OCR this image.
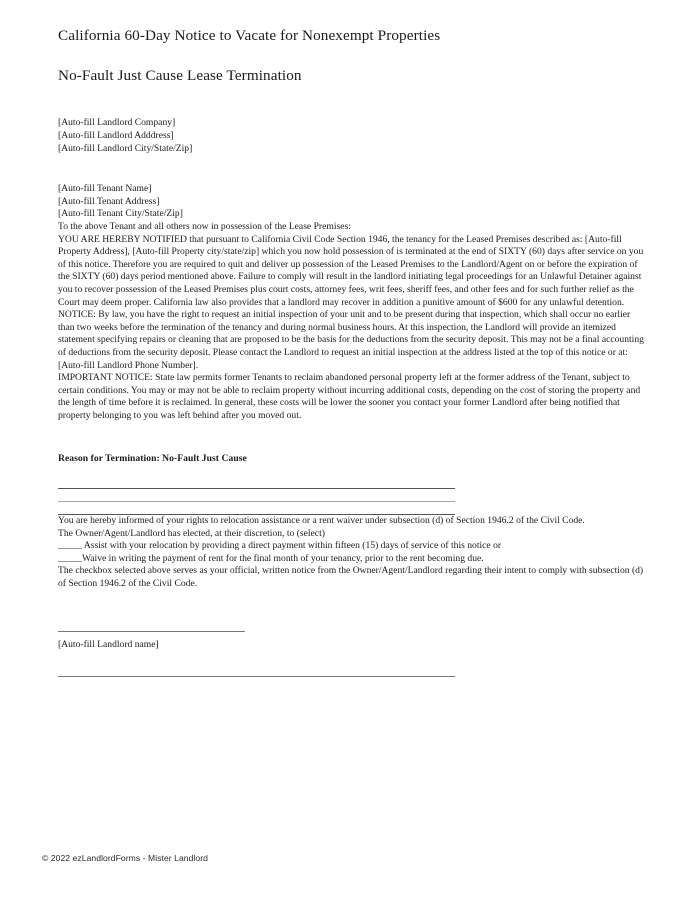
California 60-Day Notice to Vacate for Nonexempt Properties
No-Fault Just Cause Lease Termination
[Auto-fill Landlord Company]
[Auto-fill Landlord Adddress]
[Auto-fill Landlord City/State/Zip]
[Auto-fill Tenant Name]
[Auto-fill Tenant Address]
[Auto-fill Tenant City/State/Zip]

To the above Tenant and all others now in possession of the Lease Premises:

YOU ARE HEREBY NOTIFIED that pursuant to California Civil Code Section 1946, the tenancy for the Leased Premises described as: [Auto-fill Property Address], [Auto-fill Property city/state/zip] which you now hold possession of is terminated at the end of SIXTY (60) days after service on you of this notice. Therefore you are required to quit and deliver up possession of the Leased Premises to the Landlord/Agent on or before the expiration of the SIXTY (60) days period mentioned above. Failure to comply will result in the landlord initiating legal proceedings for an Unlawful Detainer against you to recover possession of the Leased Premises plus court costs, attorney fees, writ fees, sheriff fees, and other fees and for such further relief as the Court may deem proper. California law also provides that a landlord may recover in addition a punitive amount of $600 for any unlawful detention.

NOTICE: By law, you have the right to request an initial inspection of your unit and to be present during that inspection, which shall occur no earlier than two weeks before the termination of the tenancy and during normal business hours. At this inspection, the Landlord will provide an itemized statement specifying repairs or cleaning that are proposed to be the basis for the deductions from the security deposit. This may not be a final accounting of deductions from the security deposit. Please contact the Landlord to request an initial inspection at the address listed at the top of this notice or at: [Auto-fill Landlord Phone Number].

IMPORTANT NOTICE: State law permits former Tenants to reclaim abandoned personal property left at the former address of the Tenant, subject to certain conditions. You may or may not be able to reclaim property without incurring additional costs, depending on the cost of storing the property and the length of time before it is reclaimed. In general, these costs will be lower the sooner you contact your former Landlord after being notified that property belonging to you was left behind after you moved out.

Reason for Termination: No-Fault Just Cause

You are hereby informed of your rights to relocation assistance or a rent waiver under subsection (d) of Section 1946.2 of the Civil Code.

The Owner/Agent/Landlord has elected, at their discretion, to (select)

_____ Assist with your relocation by providing a direct payment within fifteen (15) days of service of this notice or

_____Waive in writing the payment of rent for the final month of your tenancy, prior to the rent becoming due.

The checkbox selected above serves as your official, written notice from the Owner/Agent/Landlord regarding their intent to comply with subsection (d) of Section 1946.2 of the Civil Code.

[Auto-fill Landlord name]

© 2022 ezLandlordForms - Mister Landlord
